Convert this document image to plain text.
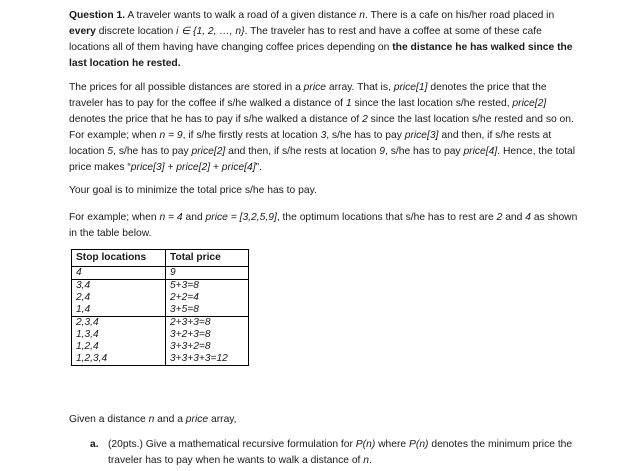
Question 1. A traveler wants to walk a road of a given distance n. There is a cafe on his/her road placed in every discrete location i ∈ {1, 2, …, n}. The traveler has to rest and have a coffee at some of these cafe locations all of them having have changing coffee prices depending on the distance he has walked since the last location he rested.

The prices for all possible distances are stored in a price array. That is, price[1] denotes the price that the traveler has to pay for the coffee if s/he walked a distance of 1 since the last location s/he rested, price[2] denotes the price that he has to pay if s/he walked a distance of 2 since the last location s/he rested and so on. For example; when n = 9, if s/he firstly rests at location 3, s/he has to pay price[3] and then, if s/he rests at location 5, s/he has to pay price[2] and then, if s/he rests at location 9, s/he has to pay price[4]. Hence, the total price makes “price[3] + price[2] + price[4]”.

Your goal is to minimize the total price s/he has to pay.

For example; when n = 4 and price = [3,2,5,9], the optimum locations that s/he has to rest are 2 and 4 as shown in the table below.

Stop locations	Total price
4	9
3,4	5+3=8
2,4	2+2=4
1,4	3+5=8
2,3,4	2+3+3=8
1,3,4	3+2+3=8
1,2,4	3+3+2=8
1,2,3,4	3+3+3+3=12

Given a distance n and a price array,

a. (20pts.) Give a mathematical recursive formulation for P(n) where P(n) denotes the minimum price the traveler has to pay when he wants to walk a distance of n.
